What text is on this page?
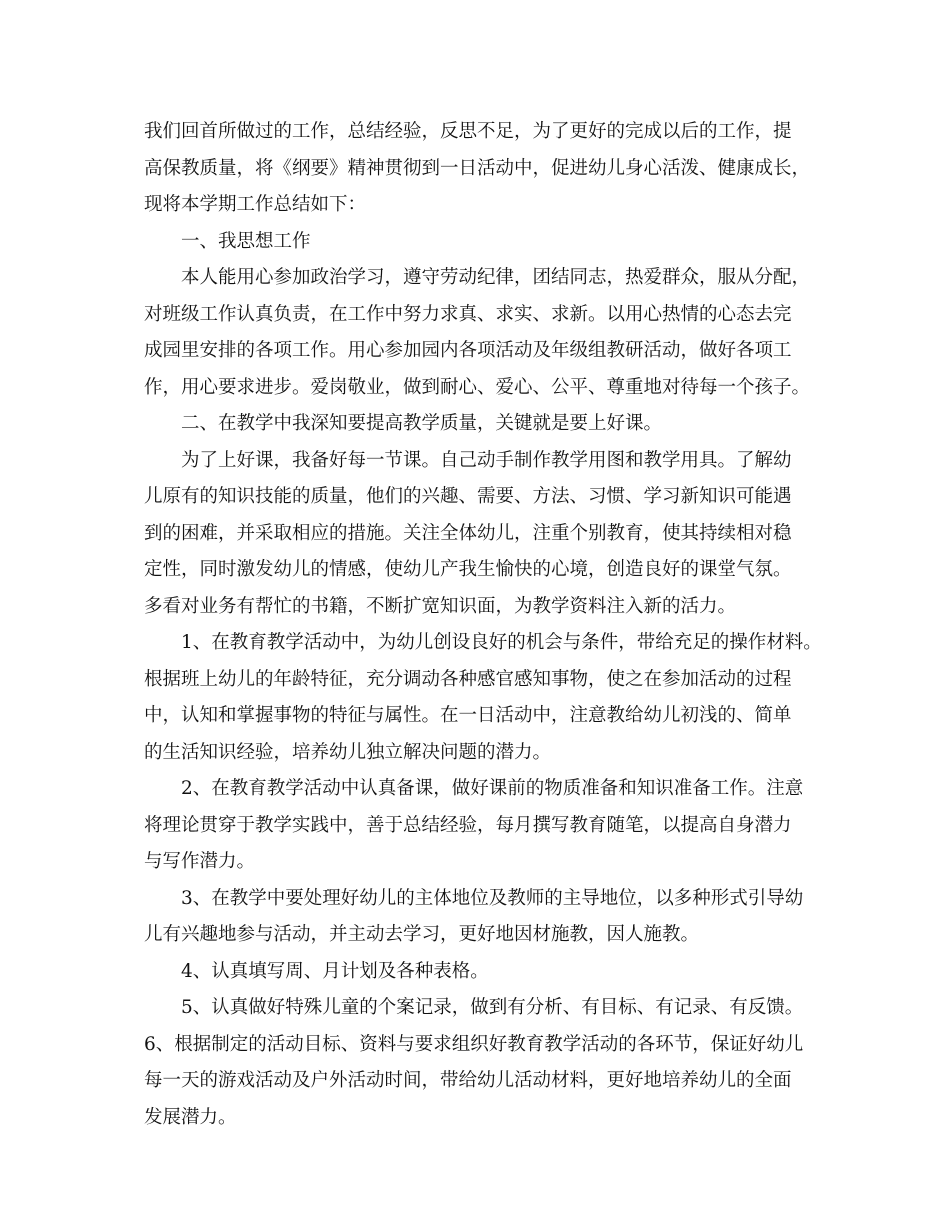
我们回首所做过的工作，总结经验，反思不足，为了更好的完成以后的工作，提

高保教质量，将《纲要》精神贯彻到一日活动中，促进幼儿身心活泼、健康成长，

现将本学期工作总结如下：

一、我思想工作

本人能用心参加政治学习，遵守劳动纪律，团结同志，热爱群众，服从分配，

对班级工作认真负责，在工作中努力求真、求实、求新。以用心热情的心态去完

成园里安排的各项工作。用心参加园内各项活动及年级组教研活动，做好各项工

作，用心要求进步。爱岗敬业，做到耐心、爱心、公平、尊重地对待每一个孩子。

二、在教学中我深知要提高教学质量，关键就是要上好课。

为了上好课，我备好每一节课。自己动手制作教学用图和教学用具。了解幼

儿原有的知识技能的质量，他们的兴趣、需要、方法、习惯、学习新知识可能遇

到的困难，并采取相应的措施。关注全体幼儿，注重个别教育，使其持续相对稳

定性，同时激发幼儿的情感，使幼儿产我生愉快的心境，创造良好的课堂气氛。

多看对业务有帮忙的书籍，不断扩宽知识面，为教学资料注入新的活力。

1、在教育教学活动中，为幼儿创设良好的机会与条件，带给充足的操作材料。

根据班上幼儿的年龄特征，充分调动各种感官感知事物，使之在参加活动的过程

中，认知和掌握事物的特征与属性。在一日活动中，注意教给幼儿初浅的、简单

的生活知识经验，培养幼儿独立解决问题的潜力。

2、在教育教学活动中认真备课，做好课前的物质准备和知识准备工作。注意

将理论贯穿于教学实践中，善于总结经验，每月撰写教育随笔，以提高自身潜力

与写作潜力。

3、在教学中要处理好幼儿的主体地位及教师的主导地位，以多种形式引导幼

儿有兴趣地参与活动，并主动去学习，更好地因材施教，因人施教。

4、认真填写周、月计划及各种表格。

5、认真做好特殊儿童的个案记录，做到有分析、有目标、有记录、有反馈。

6、根据制定的活动目标、资料与要求组织好教育教学活动的各环节，保证好幼儿

每一天的游戏活动及户外活动时间，带给幼儿活动材料，更好地培养幼儿的全面

发展潜力。
